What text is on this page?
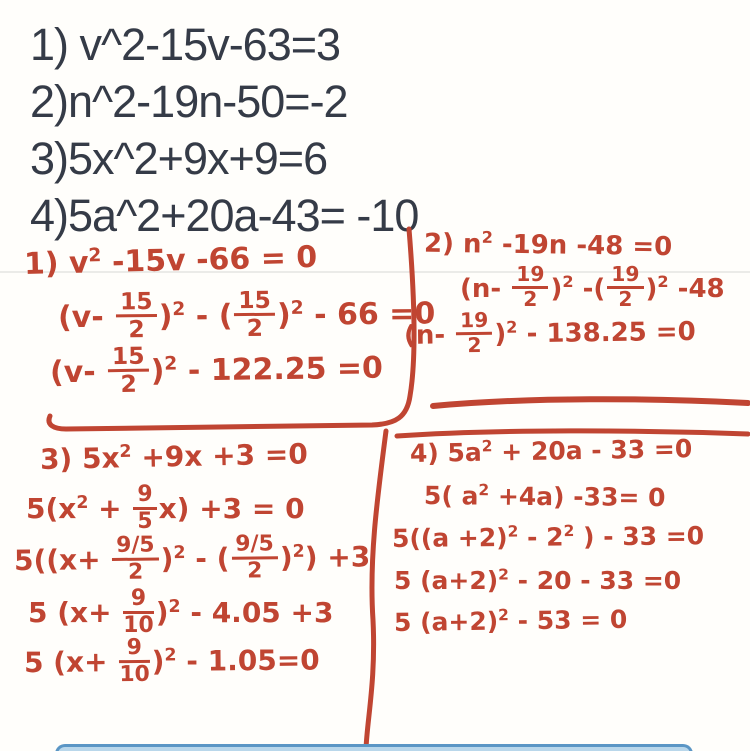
1) v^2-15v-63=3
2)n^2-19n-50=-2
3)5x^2+9x+9=6
4)5a^2+20a-43= -10
1) $v^2$ -15v -66 = 0
$(v- \frac{15}{2} )^2$ - ( $\frac{15}{2} )^2 - 66 =0$
$(v- \frac{15}{2} )^2 - 122.25 =0$
2) $n^2$ -19n -48 =0
$(n- \frac{19}{2} )^2$ -( $\frac{19}{2} )^2$ -48
$(n- \frac{19}{2} )^2 - 138.25 =0$
3) $5x^2 +9x +3 =0$
$5(x^2 + \frac{9}{5} x) +3 = 0$
$5((x+ \frac{9/5}{2} )^2$ - ( $\frac{9/5}{2} )^2) +3$
5 $(x+ \frac{9}{10} )^2 - 4.05 +3$
5 $(x+ \frac{9}{10} )^2 - 1.05=0$
4) $5a^2 + 20a - 33 =0$
5( $a^2 +4a$) -33= 0
$5((a +2)^2 - 2^2$ ) - 33 =0
5 $(a+2)^2 - 20 - 33 =0$
5 $(a+2)^2 - 53 = 0$
